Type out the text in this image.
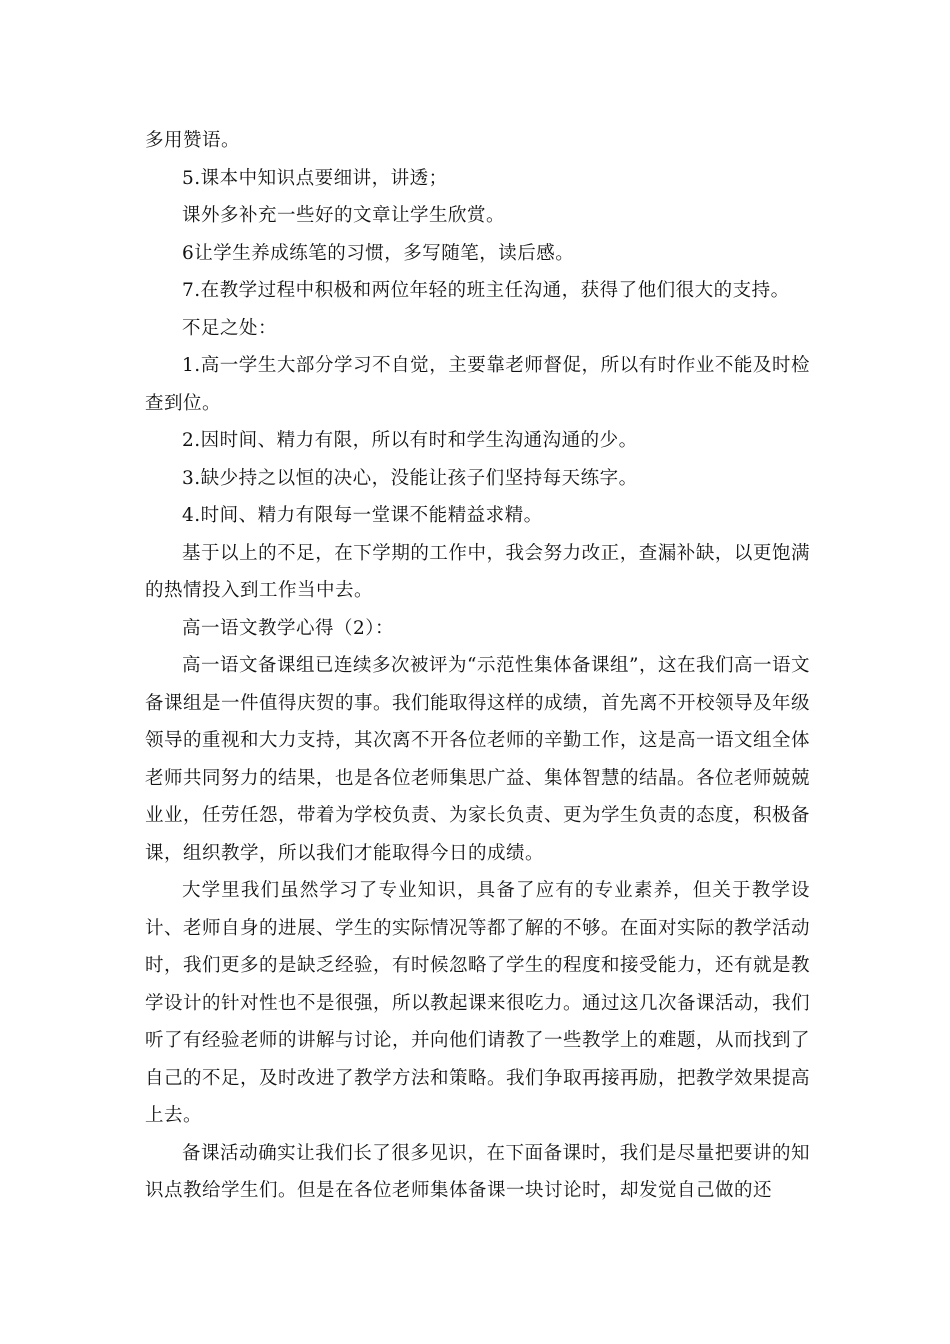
多用赞语。

5.课本中知识点要细讲，讲透；

课外多补充一些好的文章让学生欣赏。

6让学生养成练笔的习惯，多写随笔，读后感。

7.在教学过程中积极和两位年轻的班主任沟通，获得了他们很大的支持。

不足之处：

1.高一学生大部分学习不自觉，主要靠老师督促，所以有时作业不能及时检查到位。

2.因时间、精力有限，所以有时和学生沟通沟通的少。

3.缺少持之以恒的决心，没能让孩子们坚持每天练字。

4.时间、精力有限每一堂课不能精益求精。

基于以上的不足，在下学期的工作中，我会努力改正，查漏补缺，以更饱满的热情投入到工作当中去。

高一语文教学心得（2）：

高一语文备课组已连续多次被评为“示范性集体备课组”，这在我们高一语文备课组是一件值得庆贺的事。我们能取得这样的成绩，首先离不开校领导及年级领导的重视和大力支持，其次离不开各位老师的辛勤工作，这是高一语文组全体老师共同努力的结果，也是各位老师集思广益、集体智慧的结晶。各位老师兢兢业业，任劳任怨，带着为学校负责、为家长负责、更为学生负责的态度，积极备课，组织教学，所以我们才能取得今日的成绩。

大学里我们虽然学习了专业知识，具备了应有的专业素养，但关于教学设计、老师自身的进展、学生的实际情况等都了解的不够。在面对实际的教学活动时，我们更多的是缺乏经验，有时候忽略了学生的程度和接受能力，还有就是教学设计的针对性也不是很强，所以教起课来很吃力。通过这几次备课活动，我们听了有经验老师的讲解与讨论，并向他们请教了一些教学上的难题，从而找到了自己的不足，及时改进了教学方法和策略。我们争取再接再励，把教学效果提高上去。

备课活动确实让我们长了很多见识，在下面备课时，我们是尽量把要讲的知识点教给学生们。但是在各位老师集体备课一块讨论时，却发觉自己做的还
